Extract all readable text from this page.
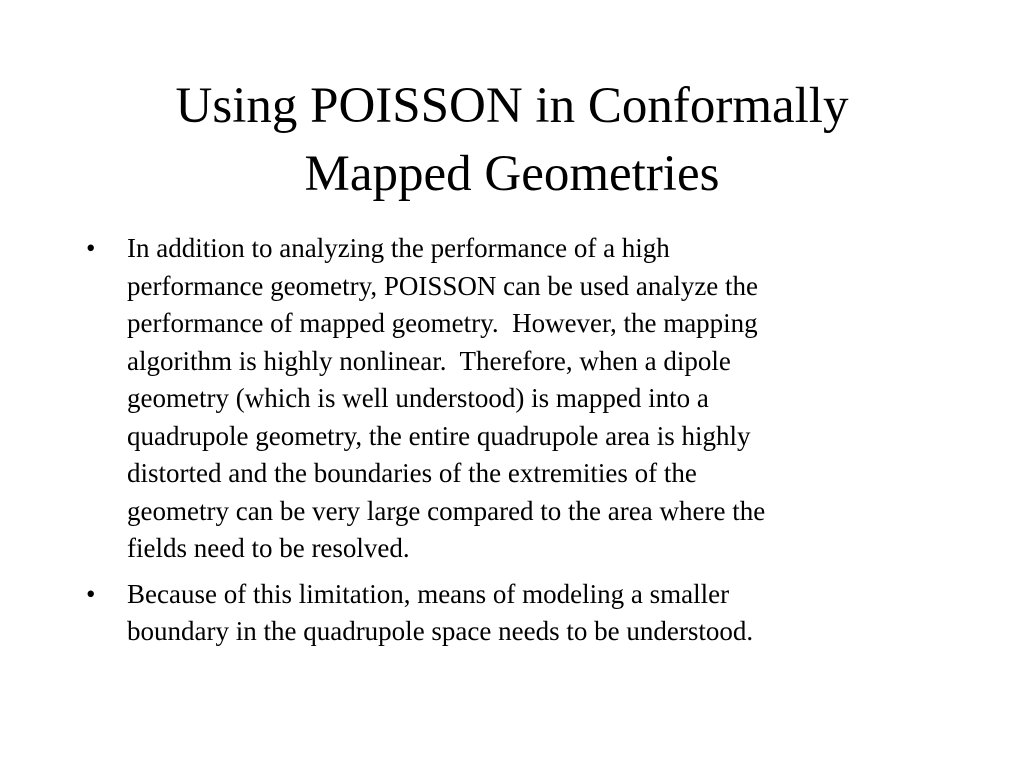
Using POISSON in Conformally
Mapped Geometries
• In addition to analyzing the performance of a high
performance geometry, POISSON can be used analyze the
performance of mapped geometry.  However, the mapping
algorithm is highly nonlinear.  Therefore, when a dipole
geometry (which is well understood) is mapped into a
quadrupole geometry, the entire quadrupole area is highly
distorted and the boundaries of the extremities of the
geometry can be very large compared to the area where the
fields need to be resolved.
• Because of this limitation, means of modeling a smaller
boundary in the quadrupole space needs to be understood.
